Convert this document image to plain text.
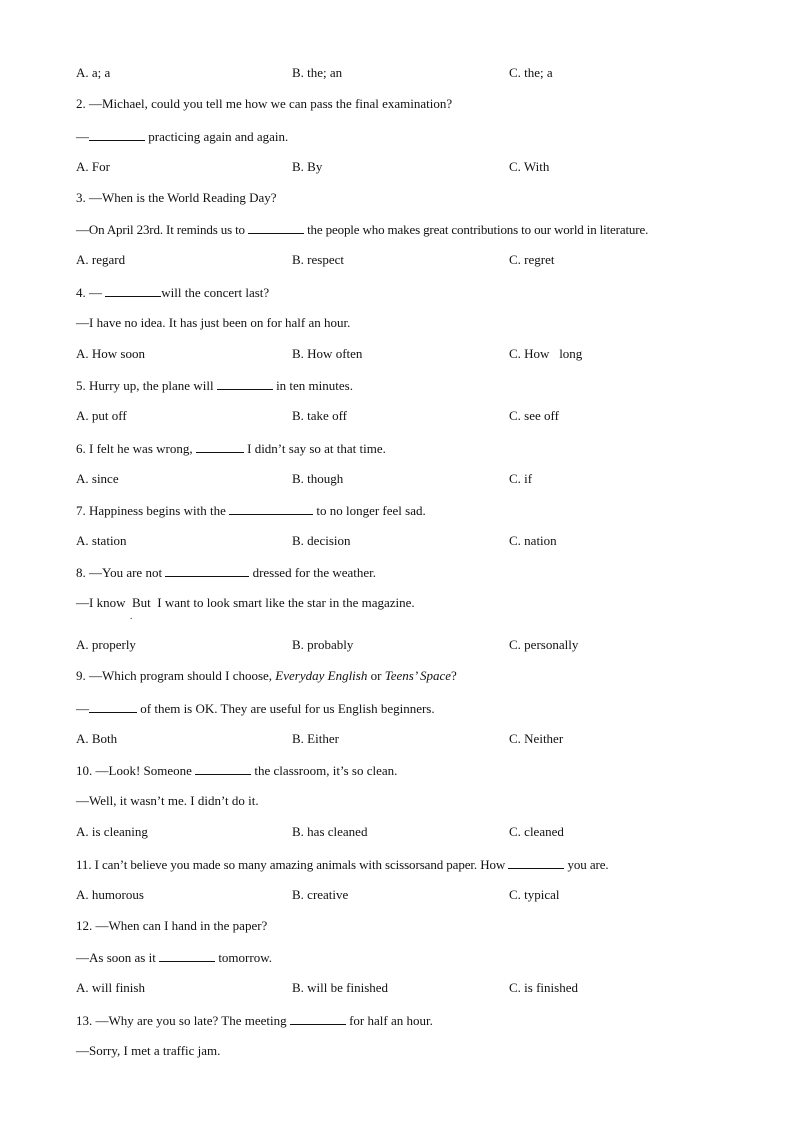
A. a; a	B. the; an	C. the; a
2. —Michael, could you tell me how we can pass the final examination?
—	practicing again and again.
A. For	B. By	C. With
3. —When is the World Reading Day?
—On April 23rd. It reminds us to	the people who makes great contributions to our world in literature.
A. regard	B. respect	C. regret
4. —	will the concert last?
—I have no idea. It has just been on for half an hour.
A. How soon	B. How often	C. How   long
5. Hurry up, the plane will	in ten minutes.
A. put off	B. take off	C. see off
6. I felt he was wrong,	I didn’t say so at that time.
A. since	B. though	C. if
7. Happiness begins with the	to no longer feel sad.
A. station	B. decision	C. nation
8. —You are not	dressed for the weather.
—I know  But  I want to look smart like the star in the magazine.
.
A. properly	B. probably	C. personally
9. —Which program should I choose, Everyday English or Teens’ Space?
—	of them is OK. They are useful for us English beginners.
A. Both	B. Either	C. Neither
10. —Look! Someone	the classroom, it’s so clean.
—Well, it wasn’t me. I didn’t do it.
A. is cleaning	B. has cleaned	C. cleaned
11. I can’t believe you made so many amazing animals with scissorsand paper. How	you are.
A. humorous	B. creative	C. typical
12. —When can I hand in the paper?
—As soon as it	tomorrow.
A. will finish	B. will be finished	C. is finished
13. —Why are you so late? The meeting	for half an hour.
—Sorry, I met a traffic jam.
